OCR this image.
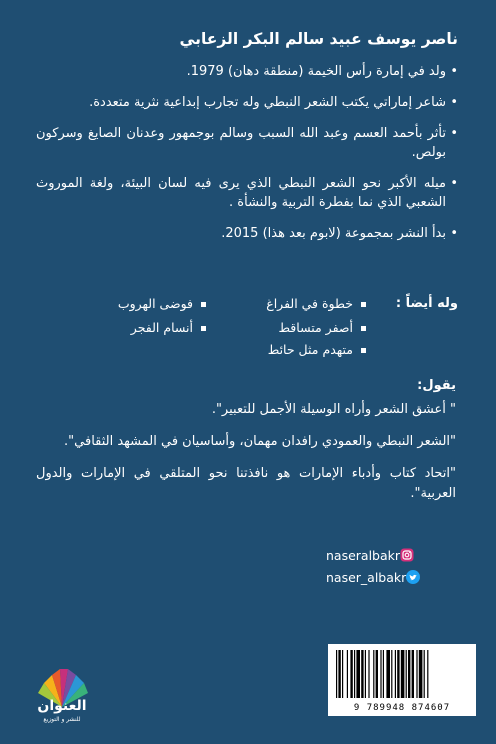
ناصر يوسف عبيد سالم البكر الزعابي
• ولد في إمارة رأس الخيمة (منطقة دهان) 1979.
• شاعر إماراتي يكتب الشعر النبطي وله تجارب إبداعية نثرية متعددة.
• تأثر بأحمد العسم وعبد الله السبب وسالم بوجمهور وعدنان الصايغ وسركون بولص.
• ميله الأكبر نحو الشعر النبطي الذي يرى فيه لسان البيئة، ولغة الموروث الشعبي الذي نما بفطرة التربية والنشأة .
• بدأ النشر بمجموعة (لابوم بعد هذا) 2015.
وله أيضاً :
خطوة في الفراغ
فوضى الهروب
أصفر متساقط
أنسام الفجر
متهدم مثل حائط
يقول:

" أعشق الشعر وأراه الوسيلة الأجمل للتعبير".

"الشعر النبطي والعمودي رافدان مهمان، وأساسيان في المشهد الثقافي".

"اتحاد كتاب وأدباء الإمارات هو نافذتنا نحو المتلقي في الإمارات والدول العربية".

naseralbakr
naser_albakr
9 789948 874607
العنوان
للنشر و التوزيع
